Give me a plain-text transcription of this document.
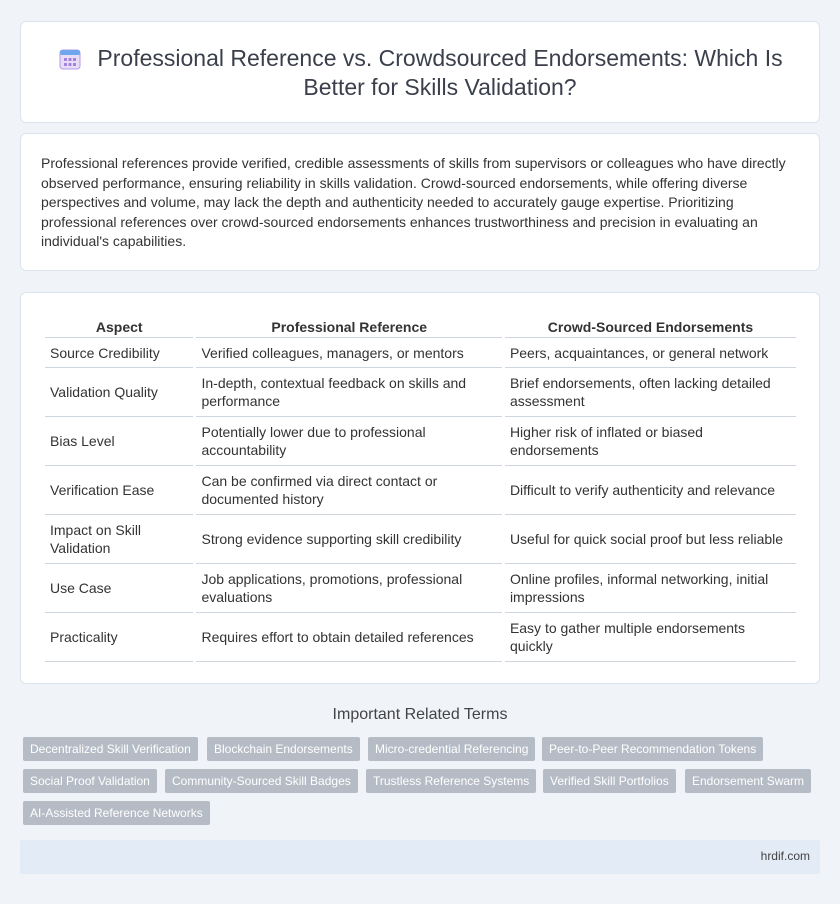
Professional Reference vs. Crowdsourced Endorsements: Which Is Better for Skills Validation?

Professional references provide verified, credible assessments of skills from supervisors or colleagues who have directly observed performance, ensuring reliability in skills validation. Crowd-sourced endorsements, while offering diverse perspectives and volume, may lack the depth and authenticity needed to accurately gauge expertise. Prioritizing professional references over crowd-sourced endorsements enhances trustworthiness and precision in evaluating an individual's capabilities.

Aspect	Professional Reference	Crowd-Sourced Endorsements
Source Credibility	Verified colleagues, managers, or mentors	Peers, acquaintances, or general network
Validation Quality	In-depth, contextual feedback on skills and performance	Brief endorsements, often lacking detailed assessment
Bias Level	Potentially lower due to professional accountability	Higher risk of inflated or biased endorsements
Verification Ease	Can be confirmed via direct contact or documented history	Difficult to verify authenticity and relevance
Impact on Skill Validation	Strong evidence supporting skill credibility	Useful for quick social proof but less reliable
Use Case	Job applications, promotions, professional evaluations	Online profiles, informal networking, initial impressions
Practicality	Requires effort to obtain detailed references	Easy to gather multiple endorsements quickly
Important Related Terms
Decentralized Skill Verification	Blockchain Endorsements	Micro-credential Referencing	Peer-to-Peer Recommendation Tokens
Social Proof Validation	Community-Sourced Skill Badges	Trustless Reference Systems	Verified Skill Portfolios	Endorsement Swarm
AI-Assisted Reference Networks
hrdif.com
